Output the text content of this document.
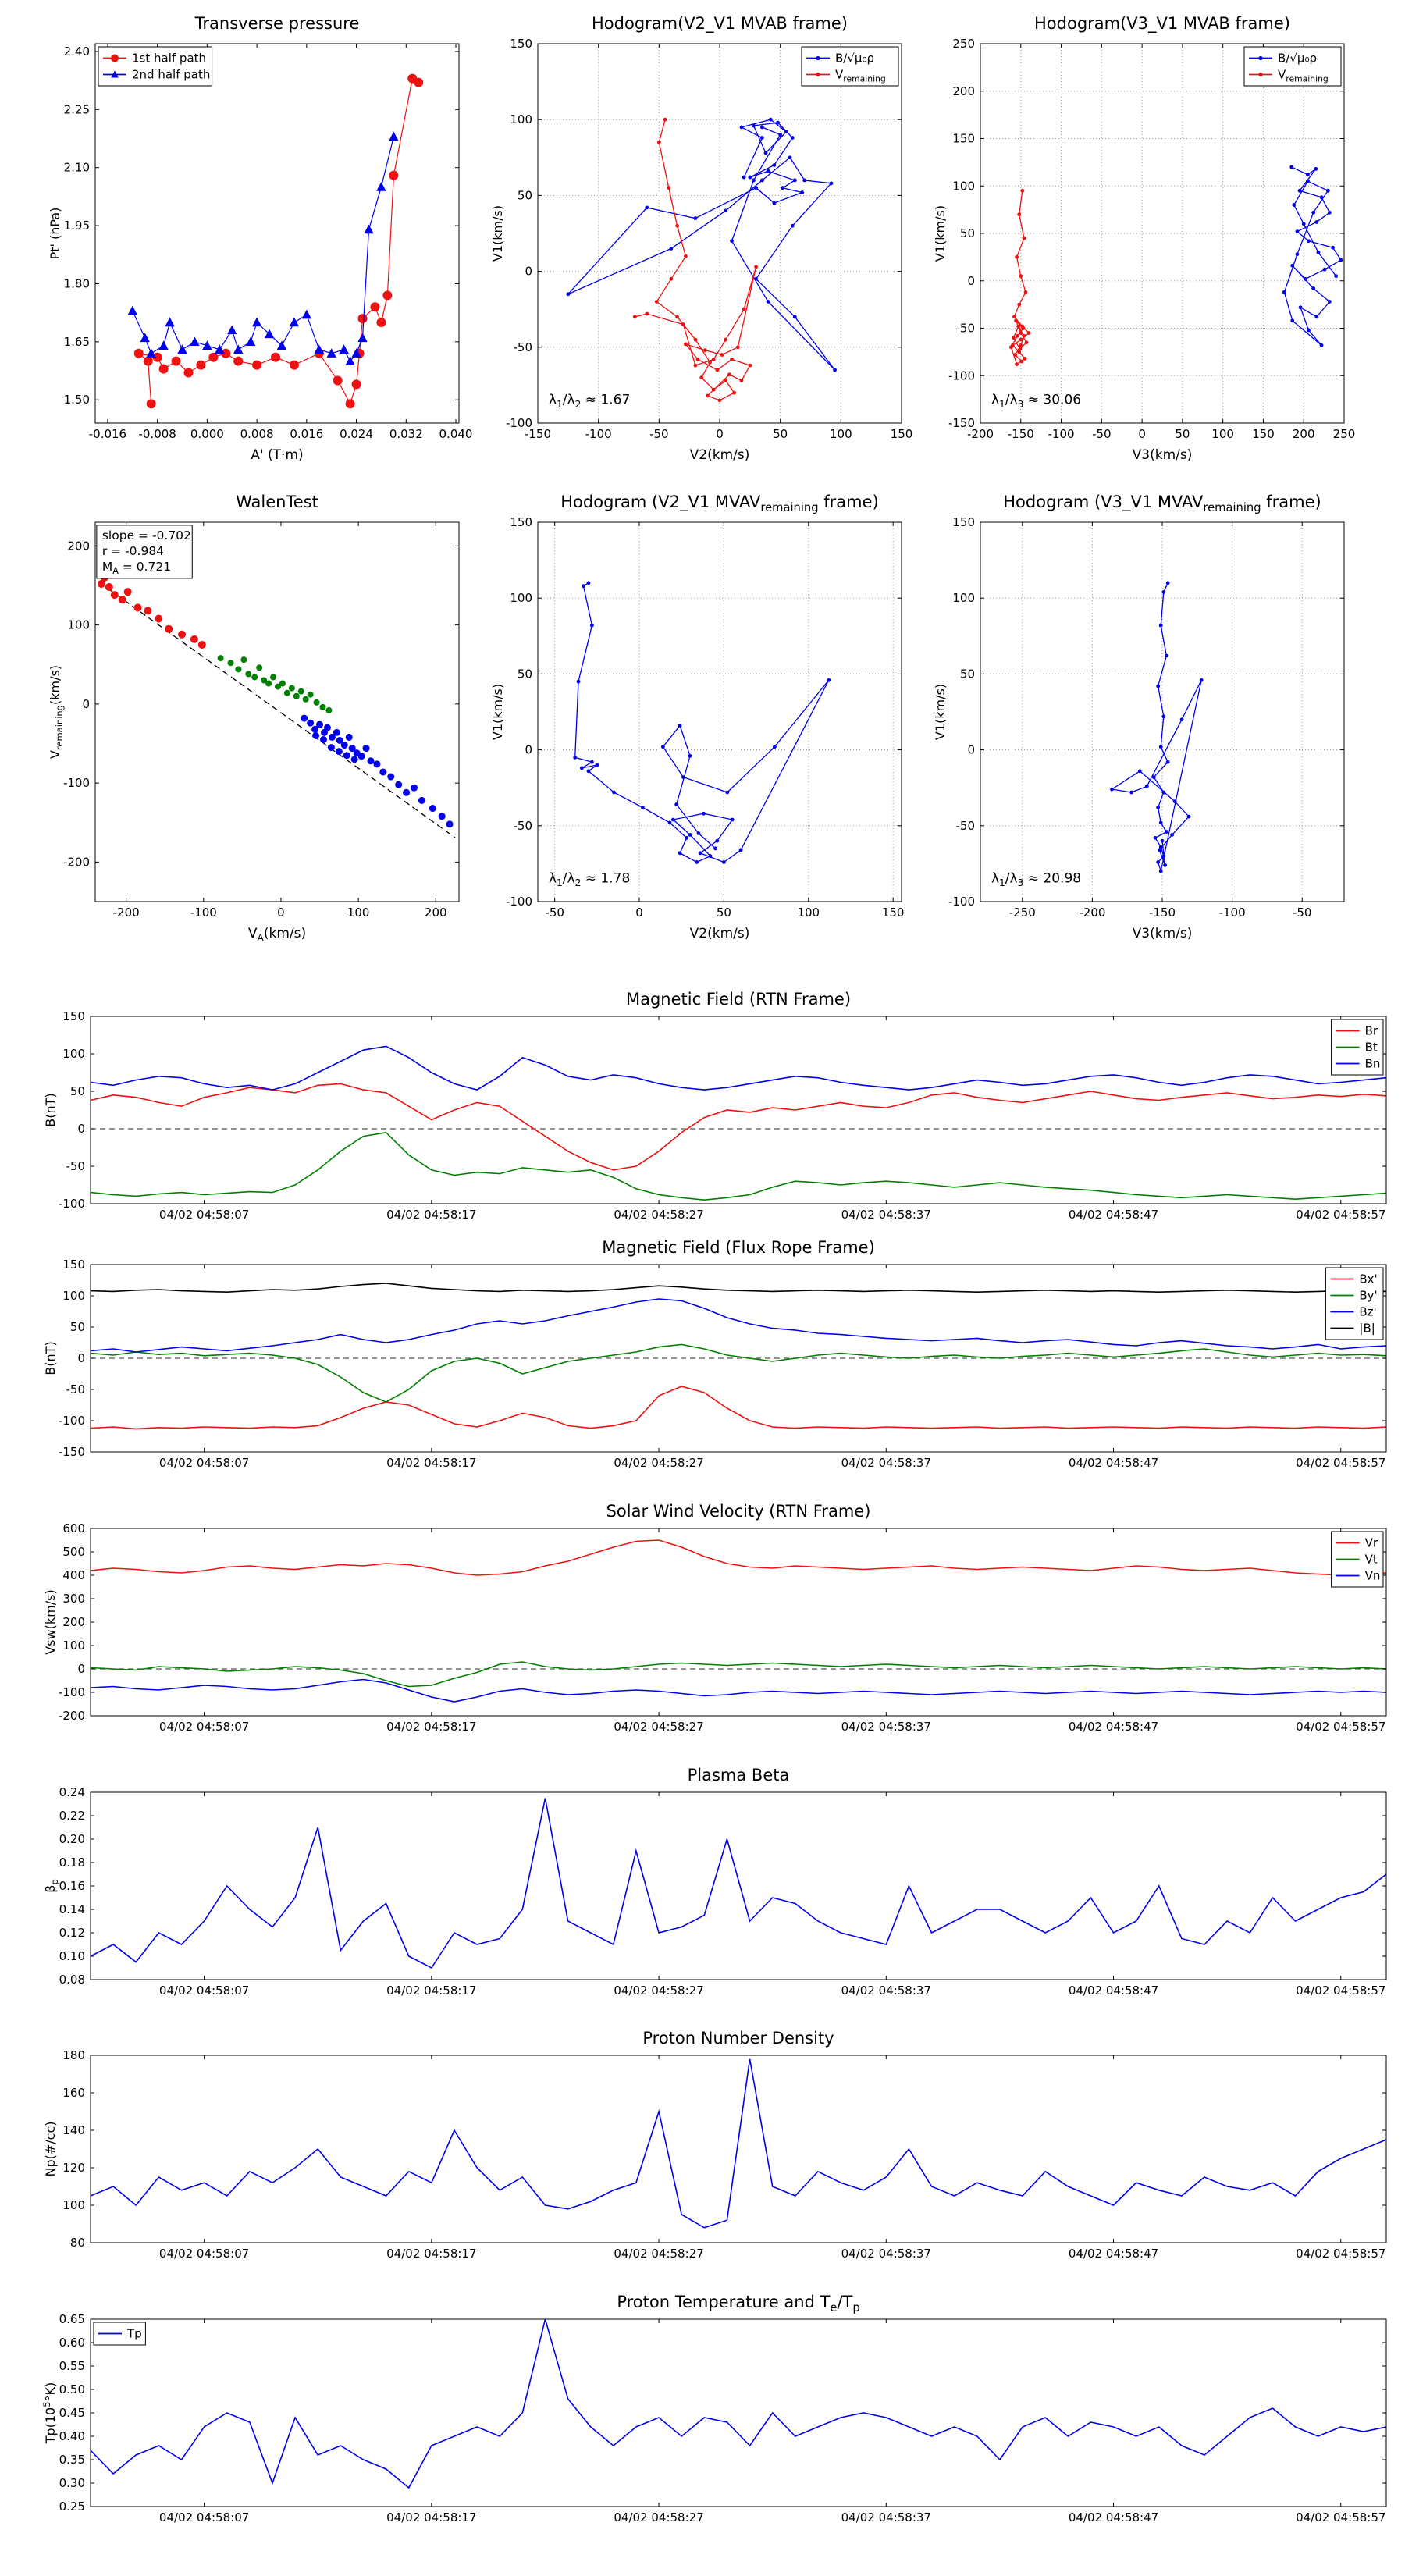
Transverse pressure
-0.016 -0.008 0.000 0.008 0.016 0.024 0.032 0.040
1.50
1.65
1.80
1.95
2.10
2.25
2.40
A' (T·m)
Pt' (nPa)
1st half path
2nd half path
Hodogram(V2_V1 MVAB frame)
-150	-100	-50	0	50	100	150
-100
-50
0
50
100
150
V2(km/s)
V1(km/s)
B/√μ₀ρ
$V_{remaining}$
$\lambda_1/\lambda_2 \approx 1.67$
Hodogram(V3_V1 MVAB frame)
-200 -150 -100 -50 0 50 100 150 200 250
-150
-100
-50
0
50
100
150
200
250
V3(km/s)
V1(km/s)
B/√μ₀ρ
$V_{remaining}$
$\lambda_1/\lambda_3 \approx 30.06$
WalenTest
-200	-100	0	100	200
-200
-100
0
100
200
$V_A(km/s)$
$V_{remaining}(km/s)$
slope = -0.702
r = -0.984
$M_A = 0.721$
Hodogram (V2_V1 $MVAV_{remaining}$ frame)
-50	0	50	100	150
-100
-50
0
50
100
150
V2(km/s)
V1(km/s)
$\lambda_1/\lambda_2 \approx 1.78$
Hodogram (V3_V1 $MVAV_{remaining}$ frame)
-250	-200	-150	-100	-50
-100
-50
0
50
100
150
V3(km/s)
V1(km/s)
$\lambda_1/\lambda_3 \approx 20.98$
Magnetic Field (RTN Frame)
04/02 04:58:07	04/02 04:58:17	04/02 04:58:27	04/02 04:58:37	04/02 04:58:47	04/02 04:58:57
-100
-50
0
50
100
150
B(nT)
Br
Bt
Bn
Magnetic Field (Flux Rope Frame)
04/02 04:58:07	04/02 04:58:17	04/02 04:58:27	04/02 04:58:37	04/02 04:58:47	04/02 04:58:57
-150
-100
-50
0
50
100
150
B(nT)
Bx'
By'
Bz'
|B|
Solar Wind Velocity (RTN Frame)
04/02 04:58:07	04/02 04:58:17	04/02 04:58:27	04/02 04:58:37	04/02 04:58:47	04/02 04:58:57
-200
-100
0
100
200
300
400
500
600
Vsw(km/s)
Vr
Vt
Vn
Plasma Beta
04/02 04:58:07	04/02 04:58:17	04/02 04:58:27	04/02 04:58:37	04/02 04:58:47	04/02 04:58:57
0.08
0.10
0.12
0.14
0.16
0.18
0.20
0.22
0.24
$\beta_p$
Proton Number Density
04/02 04:58:07	04/02 04:58:17	04/02 04:58:27	04/02 04:58:37	04/02 04:58:47	04/02 04:58:57
80
100
120
140
160
180
Np(#/cc)
Proton Temperature and $T_e/T_p$
04/02 04:58:07	04/02 04:58:17	04/02 04:58:27	04/02 04:58:37	04/02 04:58:47	04/02 04:58:57
0.25
0.30
0.35
0.40
0.45
0.50
0.55
0.60
0.65
$Tp(10^5^\circ K)$
Tp
